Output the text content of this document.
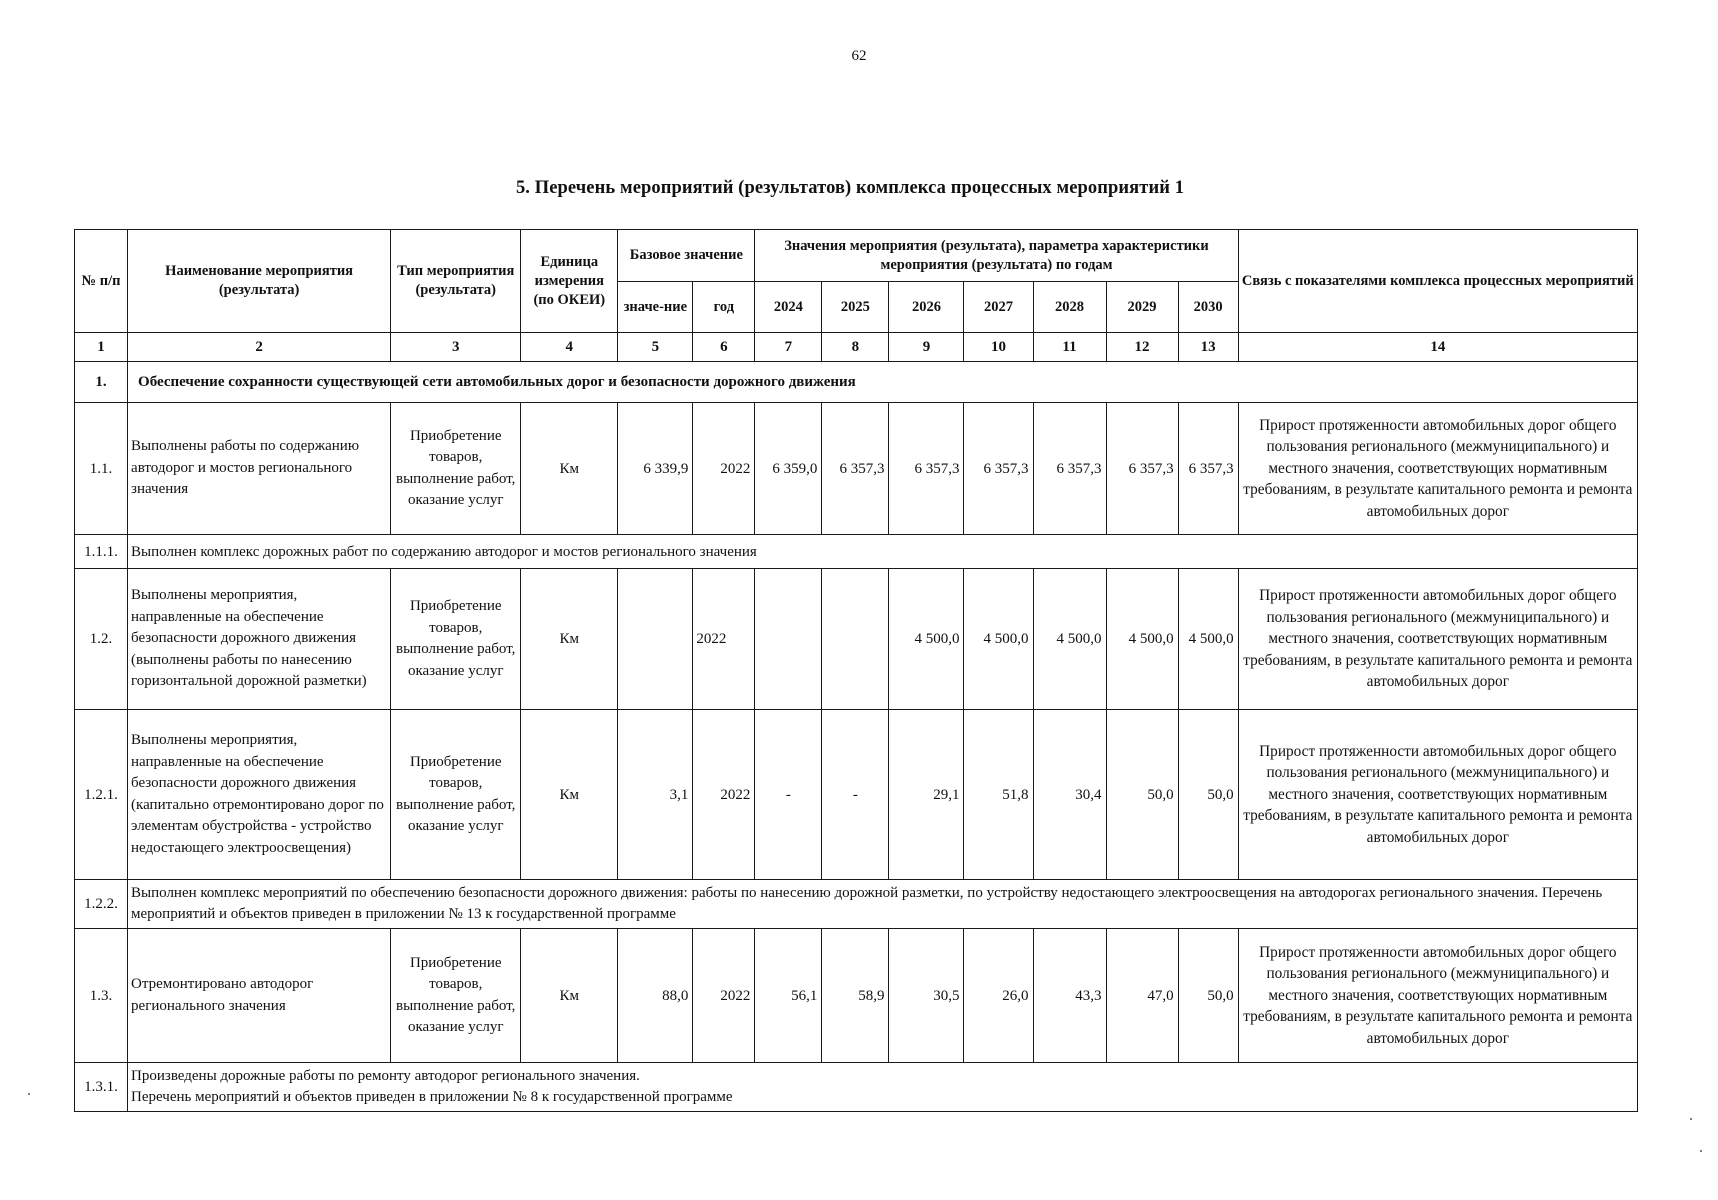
62
5. Перечень мероприятий (результатов) комплекса процессных мероприятий 1
№ п/п	Наименование мероприятия (результата)	Тип мероприятия (результата)	Единица измерения (по ОКЕИ)	Базовое значение		Значения мероприятия (результата), параметра характеристики мероприятия (результата) по годам							Связь с показателями комплекса процессных мероприятий
				значе-ние	год	2024	2025	2026	2027	2028	2029	2030	
1	2	3	4	5	6	7	8	9	10	11	12	13	14
1.	Обеспечение сохранности существующей сети автомобильных дорог и безопасности дорожного движения												
1.1.	Выполнены работы по содержанию автодорог и мостов регионального значения	Приобретение товаров, выполнение работ, оказание услуг	Км	6 339,9	2022	6 359,0	6 357,3	6 357,3	6 357,3	6 357,3	6 357,3	6 357,3	Прирост протяженности автомобильных дорог общего пользования регионального (межмуниципального) и местного значения, соответствующих нормативным требованиям, в результате капитального ремонта и ремонта автомобильных дорог
1.1.1.	Выполнен комплекс дорожных работ по содержанию автодорог и мостов регионального значения												
1.2.	Выполнены мероприятия, направленные на обеспечение безопасности дорожного движения (выполнены работы по нанесению горизонтальной дорожной разметки)	Приобретение товаров, выполнение работ, оказание услуг	Км		2022			4 500,0	4 500,0	4 500,0	4 500,0	4 500,0	Прирост протяженности автомобильных дорог общего пользования регионального (межмуниципального) и местного значения, соответствующих нормативным требованиям, в результате капитального ремонта и ремонта автомобильных дорог
1.2.1.	Выполнены мероприятия, направленные на обеспечение безопасности дорожного движения (капитально отремонтировано дорог по элементам обустройства - устройство недостающего электроосвещения)	Приобретение товаров, выполнение работ, оказание услуг	Км	3,1	2022	-	-	29,1	51,8	30,4	50,0	50,0	Прирост протяженности автомобильных дорог общего пользования регионального (межмуниципального) и местного значения, соответствующих нормативным требованиям, в результате капитального ремонта и ремонта автомобильных дорог
1.2.2.	Выполнен комплекс мероприятий по обеспечению безопасности дорожного движения: работы по нанесению дорожной разметки, по устройству недостающего электроосвещения на автодорогах регионального значения. Перечень мероприятий и объектов приведен в приложении № 13 к государственной программе												
1.3.	Отремонтировано автодорог регионального значения	Приобретение товаров, выполнение работ, оказание услуг	Км	88,0	2022	56,1	58,9	30,5	26,0	43,3	47,0	50,0	Прирост протяженности автомобильных дорог общего пользования регионального (межмуниципального) и местного значения, соответствующих нормативным требованиям, в результате капитального ремонта и ремонта автомобильных дорог
1.3.1.	Произведены дорожные работы по ремонту автодорог регионального значения.
Перечень мероприятий и объектов приведен в приложении № 8 к государственной программе												
